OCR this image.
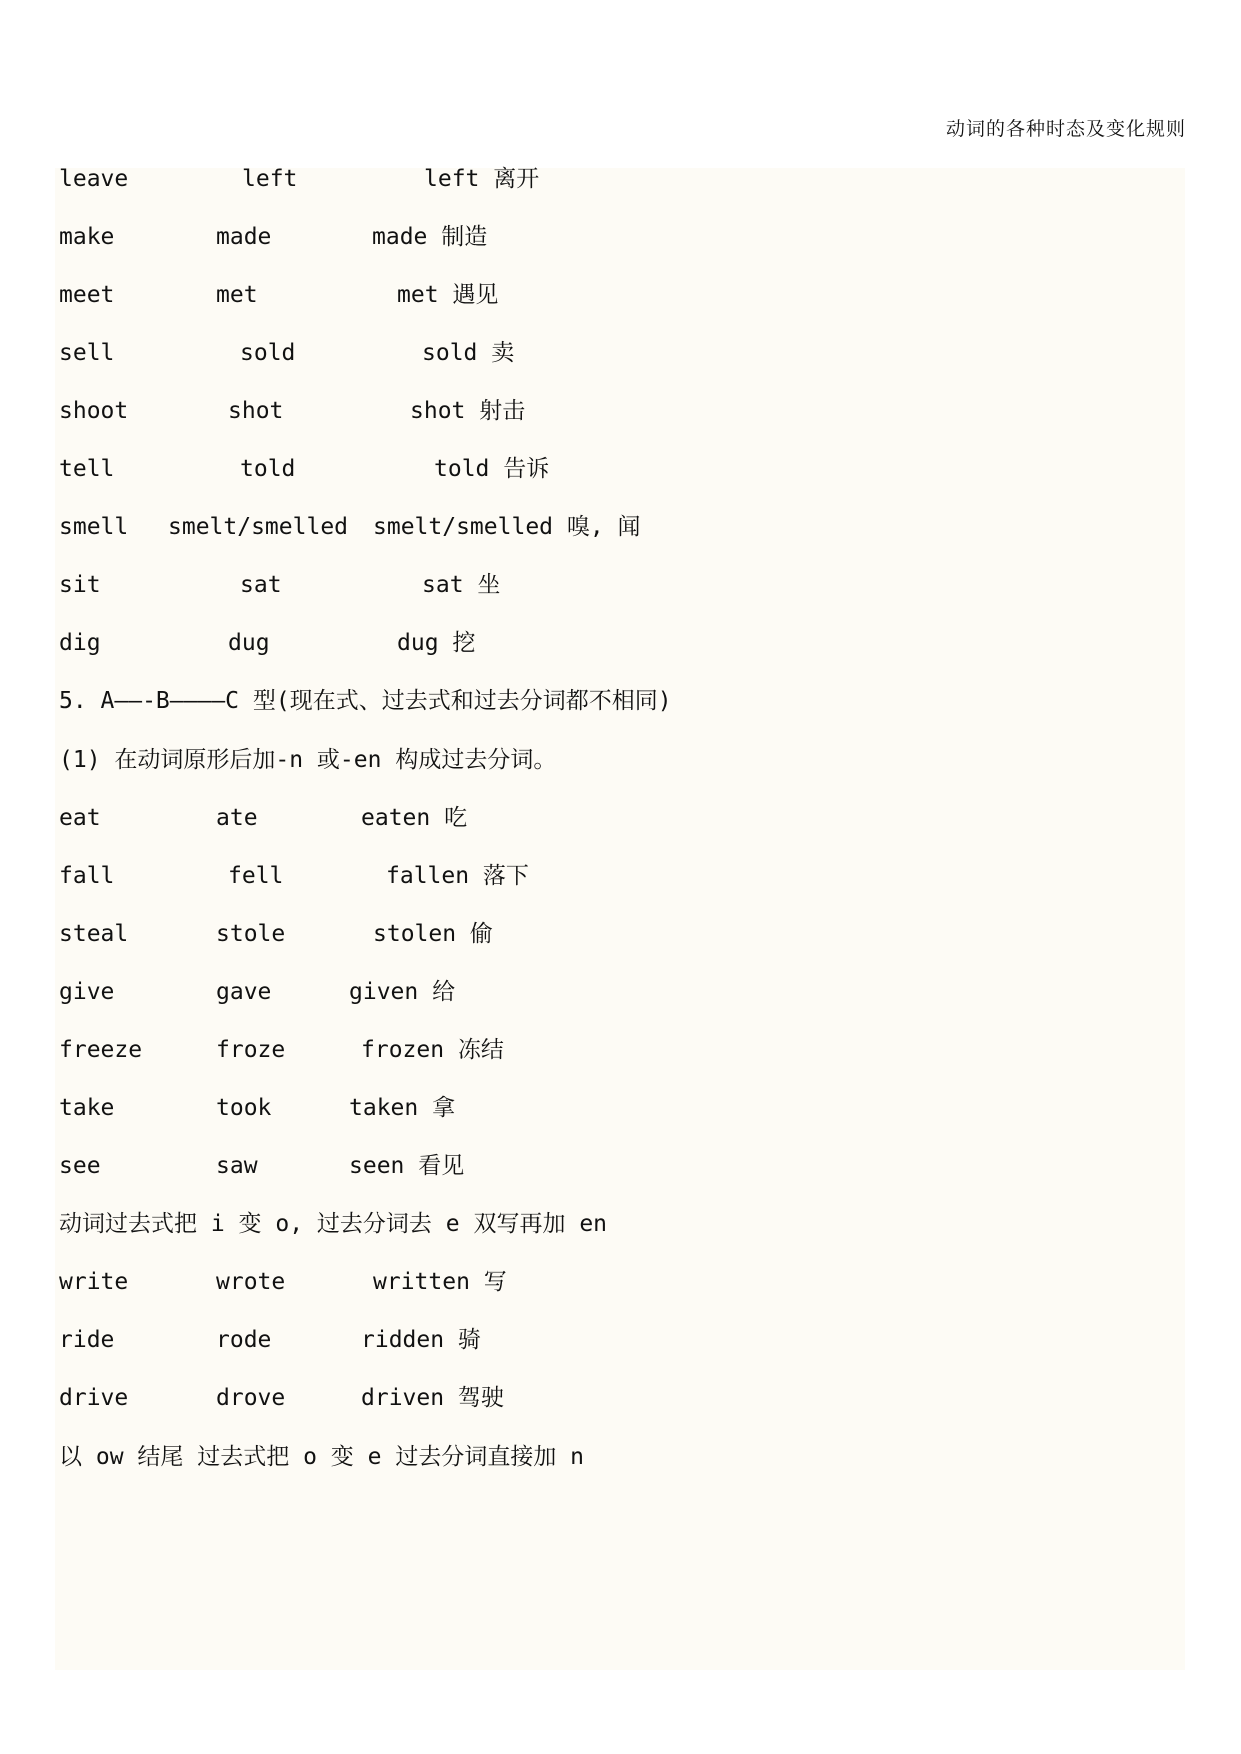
动词的各种时态及变化规则
leave	left	left 离开
make	made	made 制造
meet	met	met 遇见
sell	sold	sold 卖
shoot	shot	shot 射击
tell	told	told 告诉
smell smelt/smelled smelt/smelled 嗅, 闻
sit	sat	sat 坐
dig	dug	dug 挖
5. A——-B————C 型(现在式、过去式和过去分词都不相同)
(1) 在动词原形后加-n 或-en 构成过去分词。
eat	ate	eaten 吃
fall	fell	fallen 落下
steal	stole	stolen 偷
give	gave	given 给
freeze	froze	frozen 冻结
take	took	taken 拿
see	saw	seen 看见
动词过去式把 i 变 o, 过去分词去 e 双写再加 en
write	wrote	written 写
ride	rode	ridden 骑
drive	drove	driven 驾驶
以 ow 结尾 过去式把 o 变 e 过去分词直接加 n
